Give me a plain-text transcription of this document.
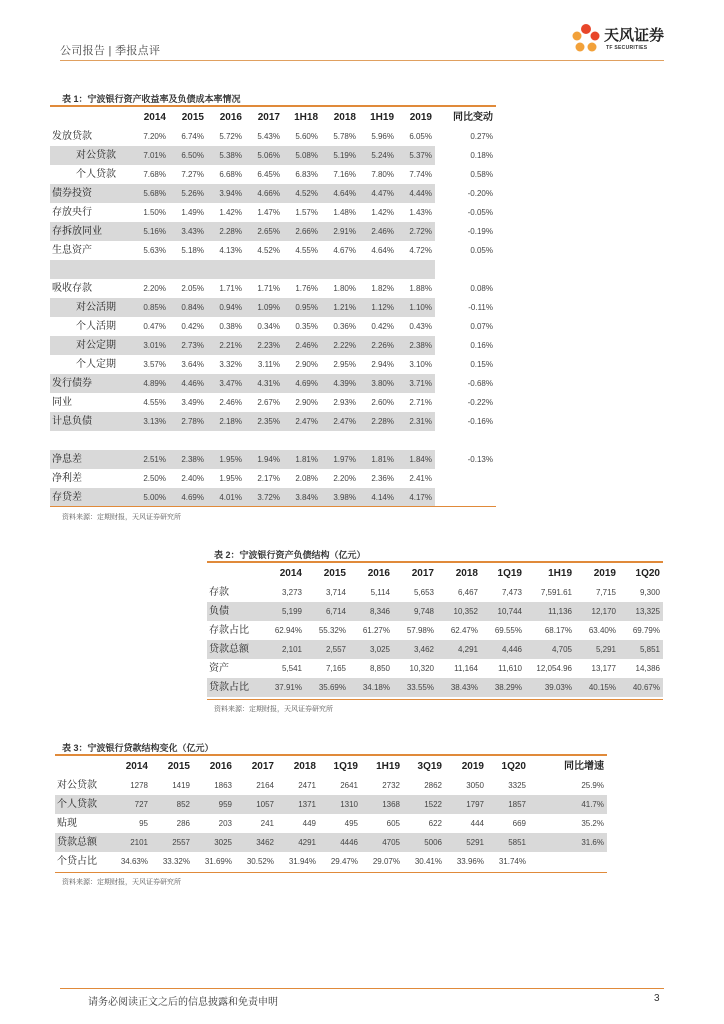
公司报告 | 季报点评
天风证券
TF SECURITIES
表 1：宁波银行资产收益率及负债成本率情况
	2014	2015	2016	2017	1H18	2018	1H19	2019	同比变动
发放贷款	7.20%	6.74%	5.72%	5.43%	5.60%	5.78%	5.96%	6.05%	0.27%
对公贷款	7.01%	6.50%	5.38%	5.06%	5.08%	5.19%	5.24%	5.37%	0.18%
个人贷款	7.68%	7.27%	6.68%	6.45%	6.83%	7.16%	7.80%	7.74%	0.58%
债券投资	5.68%	5.26%	3.94%	4.66%	4.52%	4.64%	4.47%	4.44%	-0.20%
存放央行	1.50%	1.49%	1.42%	1.47%	1.57%	1.48%	1.42%	1.43%	-0.05%
存拆放同业	5.16%	3.43%	2.28%	2.65%	2.66%	2.91%	2.46%	2.72%	-0.19%
生息资产	5.63%	5.18%	4.13%	4.52%	4.55%	4.67%	4.64%	4.72%	0.05%

吸收存款	2.20%	2.05%	1.71%	1.71%	1.76%	1.80%	1.82%	1.88%	0.08%
对公活期	0.85%	0.84%	0.94%	1.09%	0.95%	1.21%	1.12%	1.10%	-0.11%
个人活期	0.47%	0.42%	0.38%	0.34%	0.35%	0.36%	0.42%	0.43%	0.07%
对公定期	3.01%	2.73%	2.21%	2.23%	2.46%	2.22%	2.26%	2.38%	0.16%
个人定期	3.57%	3.64%	3.32%	3.11%	2.90%	2.95%	2.94%	3.10%	0.15%
发行债券	4.89%	4.46%	3.47%	4.31%	4.69%	4.39%	3.80%	3.71%	-0.68%
同业	4.55%	3.49%	2.46%	2.67%	2.90%	2.93%	2.60%	2.71%	-0.22%
计息负债	3.13%	2.78%	2.18%	2.35%	2.47%	2.47%	2.28%	2.31%	-0.16%

净息差	2.51%	2.38%	1.95%	1.94%	1.81%	1.97%	1.81%	1.84%	-0.13%
净利差	2.50%	2.40%	1.95%	2.17%	2.08%	2.20%	2.36%	2.41%	
存贷差	5.00%	4.69%	4.01%	3.72%	3.84%	3.98%	4.14%	4.17%	
资料来源：定期财报，天风证券研究所
表 2：宁波银行资产负债结构（亿元）
	2014	2015	2016	2017	2018	1Q19	1H19	2019	1Q20
存款	3,273	3,714	5,114	5,653	6,467	7,473	7,591.61	7,715	9,300
负债	5,199	6,714	8,346	9,748	10,352	10,744	11,136	12,170	13,325
存款占比	62.94%	55.32%	61.27%	57.98%	62.47%	69.55%	68.17%	63.40%	69.79%
贷款总额	2,101	2,557	3,025	3,462	4,291	4,446	4,705	5,291	5,851
资产	5,541	7,165	8,850	10,320	11,164	11,610	12,054.96	13,177	14,386
贷款占比	37.91%	35.69%	34.18%	33.55%	38.43%	38.29%	39.03%	40.15%	40.67%
资料来源：定期财报，天风证券研究所
表 3：宁波银行贷款结构变化（亿元）
	2014	2015	2016	2017	2018	1Q19	1H19	3Q19	2019	1Q20	同比增速
对公贷款	1278	1419	1863	2164	2471	2641	2732	2862	3050	3325	25.9%
个人贷款	727	852	959	1057	1371	1310	1368	1522	1797	1857	41.7%
贴现	95	286	203	241	449	495	605	622	444	669	35.2%
贷款总额	2101	2557	3025	3462	4291	4446	4705	5006	5291	5851	31.6%
个贷占比	34.63%	33.32%	31.69%	30.52%	31.94%	29.47%	29.07%	30.41%	33.96%	31.74%	
资料来源：定期财报，天风证券研究所
请务必阅读正文之后的信息披露和免责申明	3
